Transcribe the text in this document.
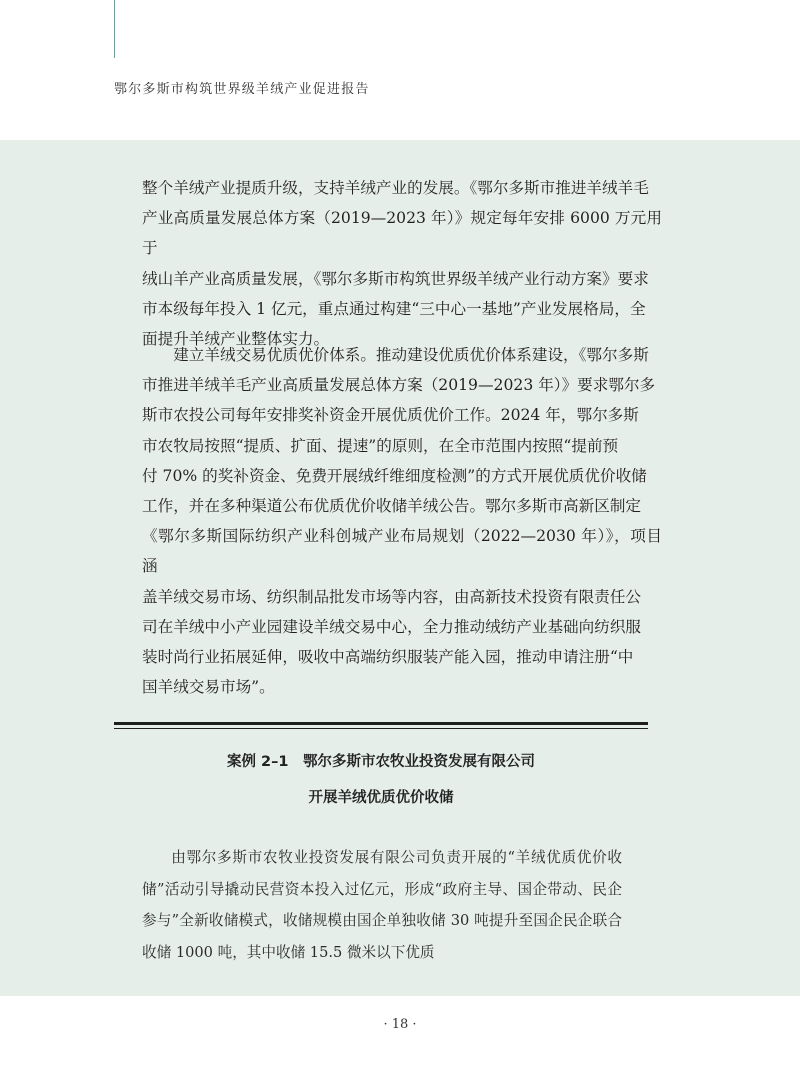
鄂尔多斯市构筑世界级羊绒产业促进报告

整个羊绒产业提质升级，支持羊绒产业的发展。《鄂尔多斯市推进羊绒羊毛

产业高质量发展总体方案（2019—2023 年）》规定每年安排 6000 万元用于

绒山羊产业高质量发展，《鄂尔多斯市构筑世界级羊绒产业行动方案》要求

市本级每年投入 1 亿元，重点通过构建“三中心一基地”产业发展格局，全

面提升羊绒产业整体实力。

建立羊绒交易优质优价体系。推动建设优质优价体系建设，《鄂尔多斯

市推进羊绒羊毛产业高质量发展总体方案（2019—2023 年）》要求鄂尔多

斯市农投公司每年安排奖补资金开展优质优价工作。2024 年，鄂尔多斯

市农牧局按照“提质、扩面、提速”的原则，在全市范围内按照“提前预

付 70% 的奖补资金、免费开展绒纤维细度检测”的方式开展优质优价收储

工作，并在多种渠道公布优质优价收储羊绒公告。鄂尔多斯市高新区制定

《鄂尔多斯国际纺织产业科创城产业布局规划（2022—2030 年）》，项目涵

盖羊绒交易市场、纺织制品批发市场等内容，由高新技术投资有限责任公

司在羊绒中小产业园建设羊绒交易中心，全力推动绒纺产业基础向纺织服

装时尚行业拓展延伸，吸收中高端纺织服装产能入园，推动申请注册“中

国羊绒交易市场”。

案例 2–1　鄂尔多斯市农牧业投资发展有限公司
开展羊绒优质优价收储

由鄂尔多斯市农牧业投资发展有限公司负责开展的“羊绒优质优价收储”活动引导撬动民营资本投入过亿元，形成“政府主导、国企带动、民企参与”全新收储模式，收储规模由国企单独收储 30 吨提升至国企民企联合收储 1000 吨，其中收储 15.5 微米以下优质

· 18 ·
